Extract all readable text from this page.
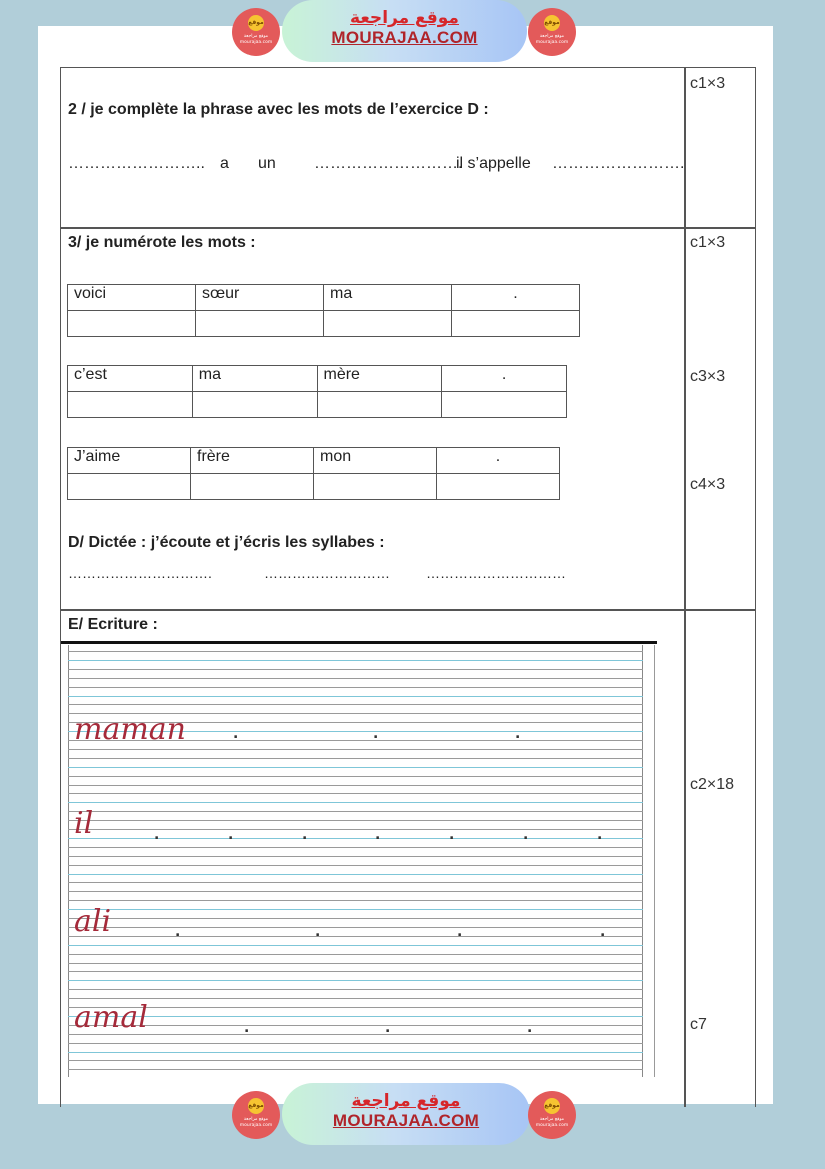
موقع
موقع مراجعة mourajaa.com
موقع مراجعة
MOURAJAA.COM
موقع
موقع مراجعة mourajaa.com
2 / je complète la phrase avec les mots de l’exercice D :
…………………….. a un ……………………….
il s’appelle …………………….
c1×3
3/ je numérote les mots :	c1×3
voici	sœur	ma	.

c’est	ma	mère	.
				c3×3
J’aime	frère	mon	.

c4×3
D/ Dictée : j’écoute et j’écris les syllabes :
………………………….	………………………	…………………………
E/ Ecriture :
c2×18
c7
maman
il
ali
amal
.	.	.
.	.	.	.	.	.	.
.	.	.	.
.	.	.
موقع
موقع مراجعة mourajaa.com
موقع مراجعة
MOURAJAA.COM
موقع
موقع مراجعة mourajaa.com
